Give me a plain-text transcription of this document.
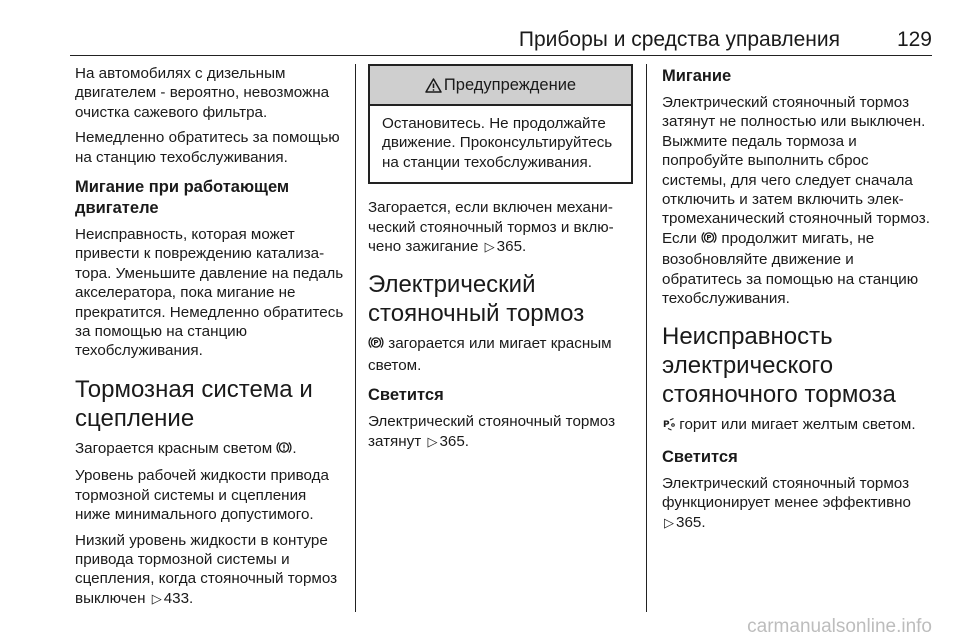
Приборы и средства управления	129

На автомобилях с дизельным двигателем - вероятно, невозможна очистка сажевого фильтра.

Немедленно обратитесь за помощью на станцию техобслуживания.

Мигание при работающем двигателе

Неисправность, которая может привести к повреждению катализатора. Уменьшите давление на педаль акселератора, пока мигание не прекратится. Немедленно обратитесь за помощью на станцию техобслуживания.

Тормозная система и сцепление

Загорается красным светом .

Уровень рабочей жидкости привода тормозной системы и сцепления ниже минимального допустимого.

Низкий уровень жидкости в контуре привода тормозной системы и сцепления, когда стояночный тормоз выключен ▷ 433.

Предупреждение
Остановитесь. Не продолжайте движение. Проконсультируйтесь на станции техобслуживания.

Загорается, если включен механический стояночный тормоз и включено зажигание ▷ 365.

Электрический стояночный тормоз

P загорается или мигает красным светом.

Светится

Электрический стояночный тормоз затянут ▷ 365.

Мигание

Электрический стояночный тормоз затянут не полностью или выключен. Выжмите педаль тормоза и попробуйте выполнить сброс системы, для чего следует сначала отключить и затем включить электромеханический стояночный тормоз. Если P продолжит мигать, не возобновляйте движение и обратитесь за помощью на станцию техобслуживания.

Неисправность электрического стояночного тормоза

P горит или мигает желтым светом.

Светится

Электрический стояночный тормоз функционирует менее эффективно ▷ 365.

carmanualsonline.info
